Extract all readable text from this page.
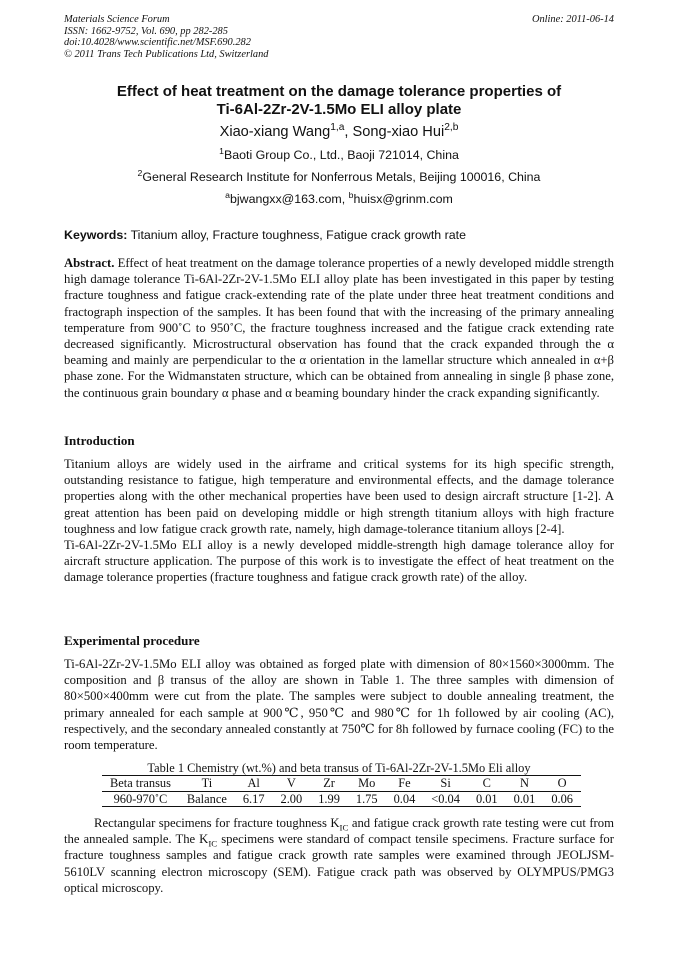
Materials Science Forum
ISSN: 1662-9752, Vol. 690, pp 282-285
doi:10.4028/www.scientific.net/MSF.690.282
© 2011 Trans Tech Publications Ltd, Switzerland
Online: 2011-06-14
Effect of heat treatment on the damage tolerance properties of
Ti-6Al-2Zr-2V-1.5Mo ELI alloy plate
Xiao-xiang Wang$^{1,a}$, Song-xiao Hui$^{2,b}$
$^1$Baoti Group Co., Ltd., Baoji 721014, China
$^2$General Research Institute for Nonferrous Metals, Beijing 100016, China
$^a$bjwangxx@163.com, $^b$huisx@grinm.com
Keywords: Titanium alloy, Fracture toughness, Fatigue crack growth rate
Abstract. Effect of heat treatment on the damage tolerance properties of a newly developed middle strength high damage tolerance Ti-6Al-2Zr-2V-1.5Mo ELI alloy plate has been investigated in this paper by testing fracture toughness and fatigue crack-extending rate of the plate under three heat treatment conditions and fractograph inspection of the samples. It has been found that with the increasing of the primary annealing temperature from 900˚C to 950˚C, the fracture toughness increased and the fatigue crack extending rate decreased significantly. Microstructural observation has found that the crack expanded through the α beaming and mainly are perpendicular to the α orientation in the lamellar structure which annealed in α+β phase zone. For the Widmanstaten structure, which can be obtained from annealing in single β phase zone, the continuous grain boundary α phase and α beaming boundary hinder the crack expanding significantly.
Introduction
Titanium alloys are widely used in the airframe and critical systems for its high specific strength, outstanding resistance to fatigue, high temperature and environmental effects, and the damage tolerance properties along with the other mechanical properties have been used to design aircraft structure [1-2]. A great attention has been paid on developing middle or high strength titanium alloys with high fracture toughness and low fatigue crack growth rate, namely, high damage-tolerance titanium alloys [2-4].
Ti-6Al-2Zr-2V-1.5Mo ELI alloy is a newly developed middle-strength high damage tolerance alloy for aircraft structure application. The purpose of this work is to investigate the effect of heat treatment on the damage tolerance properties (fracture toughness and fatigue crack growth rate) of the alloy.
Experimental procedure
Ti-6Al-2Zr-2V-1.5Mo ELI alloy was obtained as forged plate with dimension of 80×1560×3000mm. The composition and β transus of the alloy are shown in Table 1. The three samples with dimension of 80×500×400mm were cut from the plate. The samples were subject to double annealing treatment, the primary annealed for each sample at 900℃, 950℃ and 980℃ for 1h followed by air cooling (AC), respectively, and the secondary annealed constantly at 750℃ for 8h followed by furnace cooling (FC) to the room temperature.
Table 1 Chemistry (wt.%) and beta transus of Ti-6Al-2Zr-2V-1.5Mo Eli alloy
Beta transus	Ti	Al	V	Zr	Mo	Fe	Si	C	N	O
960-970˚C	Balance	6.17	2.00	1.99	1.75	0.04	<0.04	0.01	0.01	0.06
Rectangular specimens for fracture toughness $K_{IC}$ and fatigue crack growth rate testing were cut from the annealed sample. The $K_{IC}$ specimens were standard of compact tensile specimens. Fracture surface for fracture toughness samples and fatigue crack growth rate samples were examined through JEOLJSM-5610LV scanning electron microscopy (SEM). Fatigue crack path was observed by OLYMPUS/PMG3 optical microscopy.
